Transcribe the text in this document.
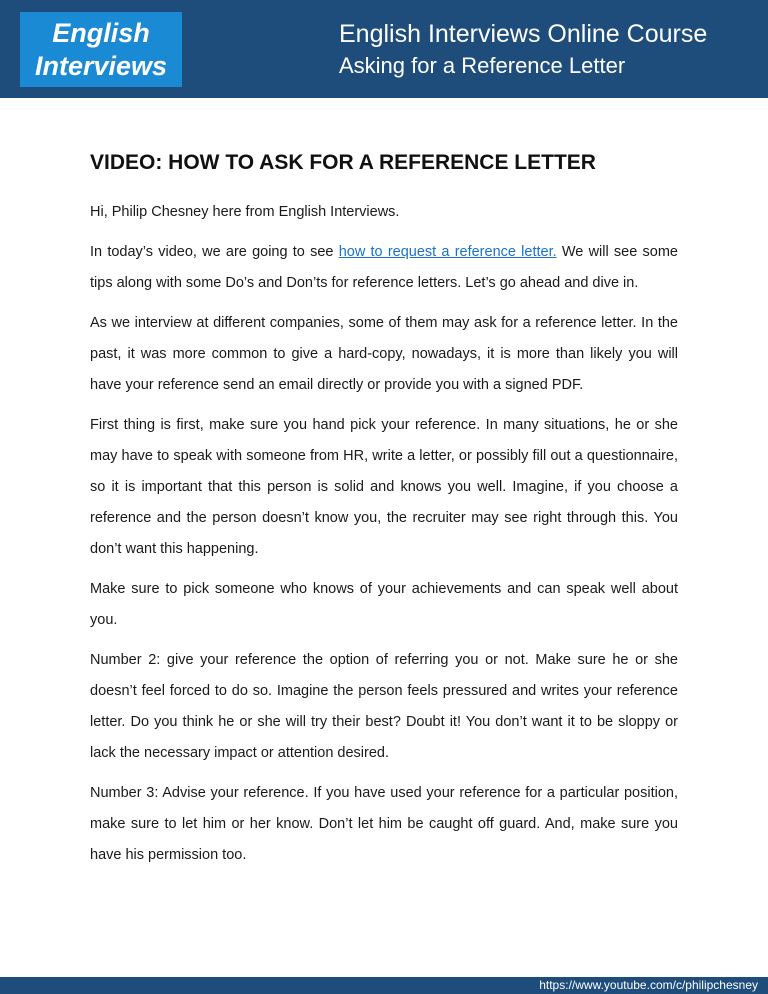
English
Interviews
English Interviews Online Course
Asking for a Reference Letter
VIDEO: HOW TO ASK FOR A REFERENCE LETTER

Hi, Philip Chesney here from English Interviews.

In today’s video, we are going to see how to request a reference letter. We will see some tips along with some Do’s and Don’ts for reference letters. Let’s go ahead and dive in.

As we interview at different companies, some of them may ask for a reference letter. In the past, it was more common to give a hard-copy, nowadays, it is more than likely you will have your reference send an email directly or provide you with a signed PDF.

First thing is first, make sure you hand pick your reference. In many situations, he or she may have to speak with someone from HR, write a letter, or possibly fill out a questionnaire, so it is important that this person is solid and knows you well. Imagine, if you choose a reference and the person doesn’t know you, the recruiter may see right through this. You don’t want this happening.

Make sure to pick someone who knows of your achievements and can speak well about you.

Number 2: give your reference the option of referring you or not. Make sure he or she doesn’t feel forced to do so. Imagine the person feels pressured and writes your reference letter. Do you think he or she will try their best? Doubt it! You don’t want it to be sloppy or lack the necessary impact or attention desired.

Number 3: Advise your reference. If you have used your reference for a particular position, make sure to let him or her know. Don’t let him be caught off guard. And, make sure you have his permission too.

https://www.youtube.com/c/philipchesney
